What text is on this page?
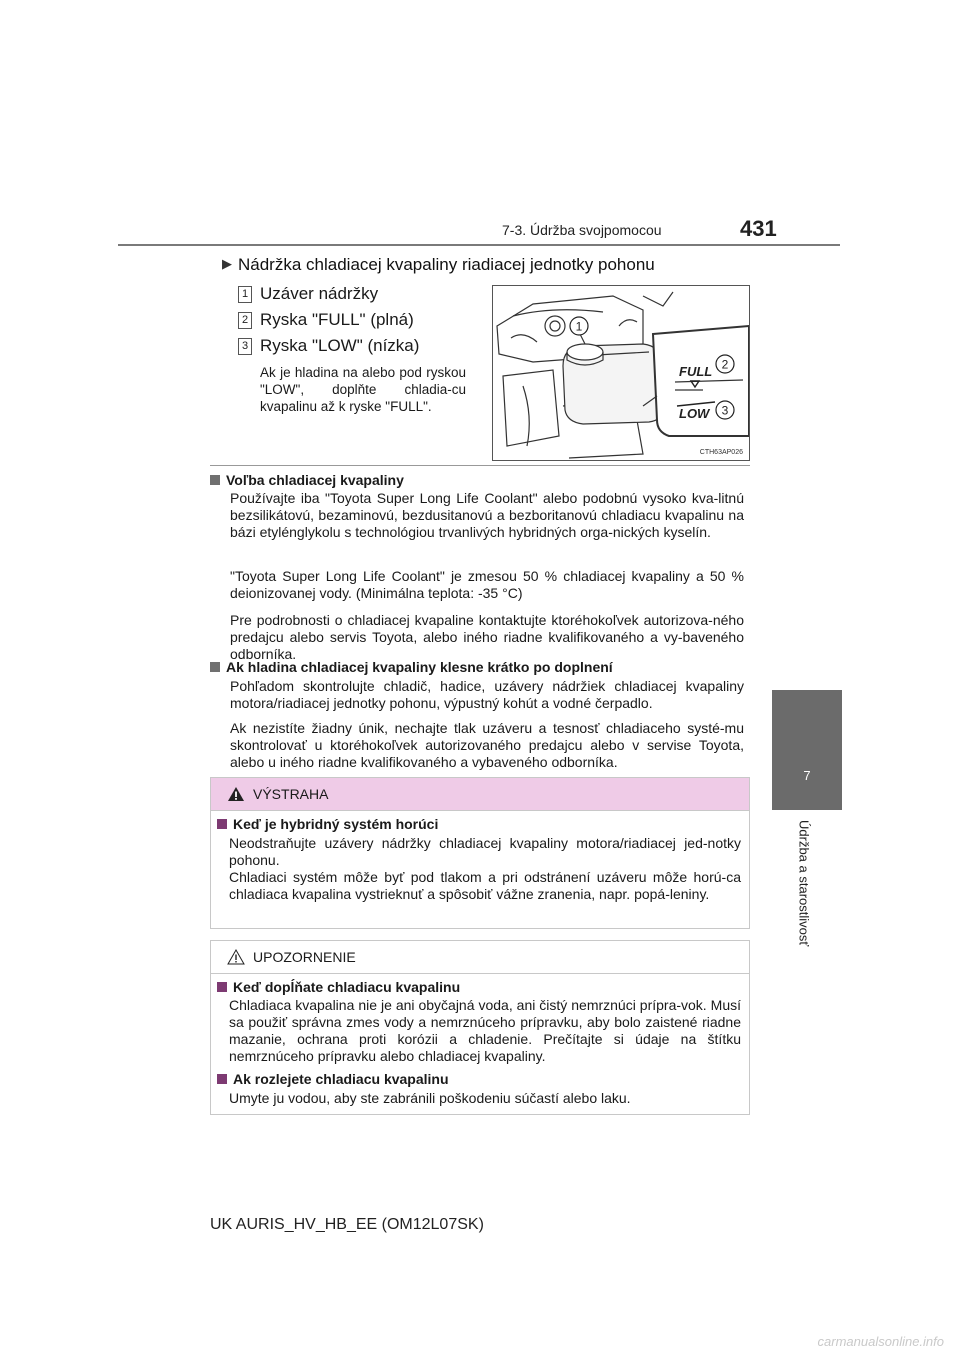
7-3. Údržba svojpomocou	431
7
Údržba a starostlivosť
▶ Nádržka chladiacej kvapaliny riadiacej jednotky pohonu
1 Uzáver nádržky
2 Ryska "FULL" (plná)
3 Ryska "LOW" (nízka)

Ak je hladina na alebo pod ryskou "LOW", doplňte chladia-cu kvapalinu až k ryske "FULL".

FULL
LOW
1
2
3
CTH63AP026
Voľba chladiacej kvapaliny

Používajte iba "Toyota Super Long Life Coolant" alebo podobnú vysoko kva-litnú bezsilikátovú, bezaminovú, bezdusitanovú a bezboritanovú chladiacu kvapalinu na bázi etylénglykolu s technológiou trvanlivých hybridných orga-nických kyselín.

"Toyota Super Long Life Coolant" je zmesou 50 % chladiacej kvapaliny a 50 % deionizovanej vody. (Minimálna teplota: -35 °C)

Pre podrobnosti o chladiacej kvapaline kontaktujte ktoréhokoľvek autorizova-ného predajcu alebo servis Toyota, alebo iného riadne kvalifikovaného a vy-baveného odborníka.

Ak hladina chladiacej kvapaliny klesne krátko po doplnení

Pohľadom skontrolujte chladič, hadice, uzávery nádržiek chladiacej kvapaliny motora/riadiacej jednotky pohonu, výpustný kohút a vodné čerpadlo.

Ak nezistíte žiadny únik, nechajte tlak uzáveru a tesnosť chladiaceho systé-mu skontrolovať u ktoréhokoľvek autorizovaného predajcu alebo v servise Toyota, alebo u iného riadne kvalifikovaného a vybaveného odborníka.

VÝSTRAHA
Keď je hybridný systém horúci

Neodstraňujte uzávery nádržky chladiacej kvapaliny motora/riadiacej jed-notky pohonu.
Chladiaci systém môže byť pod tlakom a pri odstránení uzáveru môže horú-ca chladiaca kvapalina vystrieknuť a spôsobiť vážne zranenia, napr. popá-leniny.

UPOZORNENIE
Keď dopĺňate chladiacu kvapalinu

Chladiaca kvapalina nie je ani obyčajná voda, ani čistý nemrznúci prípra-vok. Musí sa použiť správna zmes vody a nemrznúceho prípravku, aby bolo zaistené riadne mazanie, ochrana proti korózii a chladenie. Prečítajte si údaje na štítku nemrznúceho prípravku alebo chladiacej kvapaliny.

Ak rozlejete chladiacu kvapalinu

Umyte ju vodou, aby ste zabránili poškodeniu súčastí alebo laku.

UK AURIS_HV_HB_EE (OM12L07SK)
carmanualsonline.info
